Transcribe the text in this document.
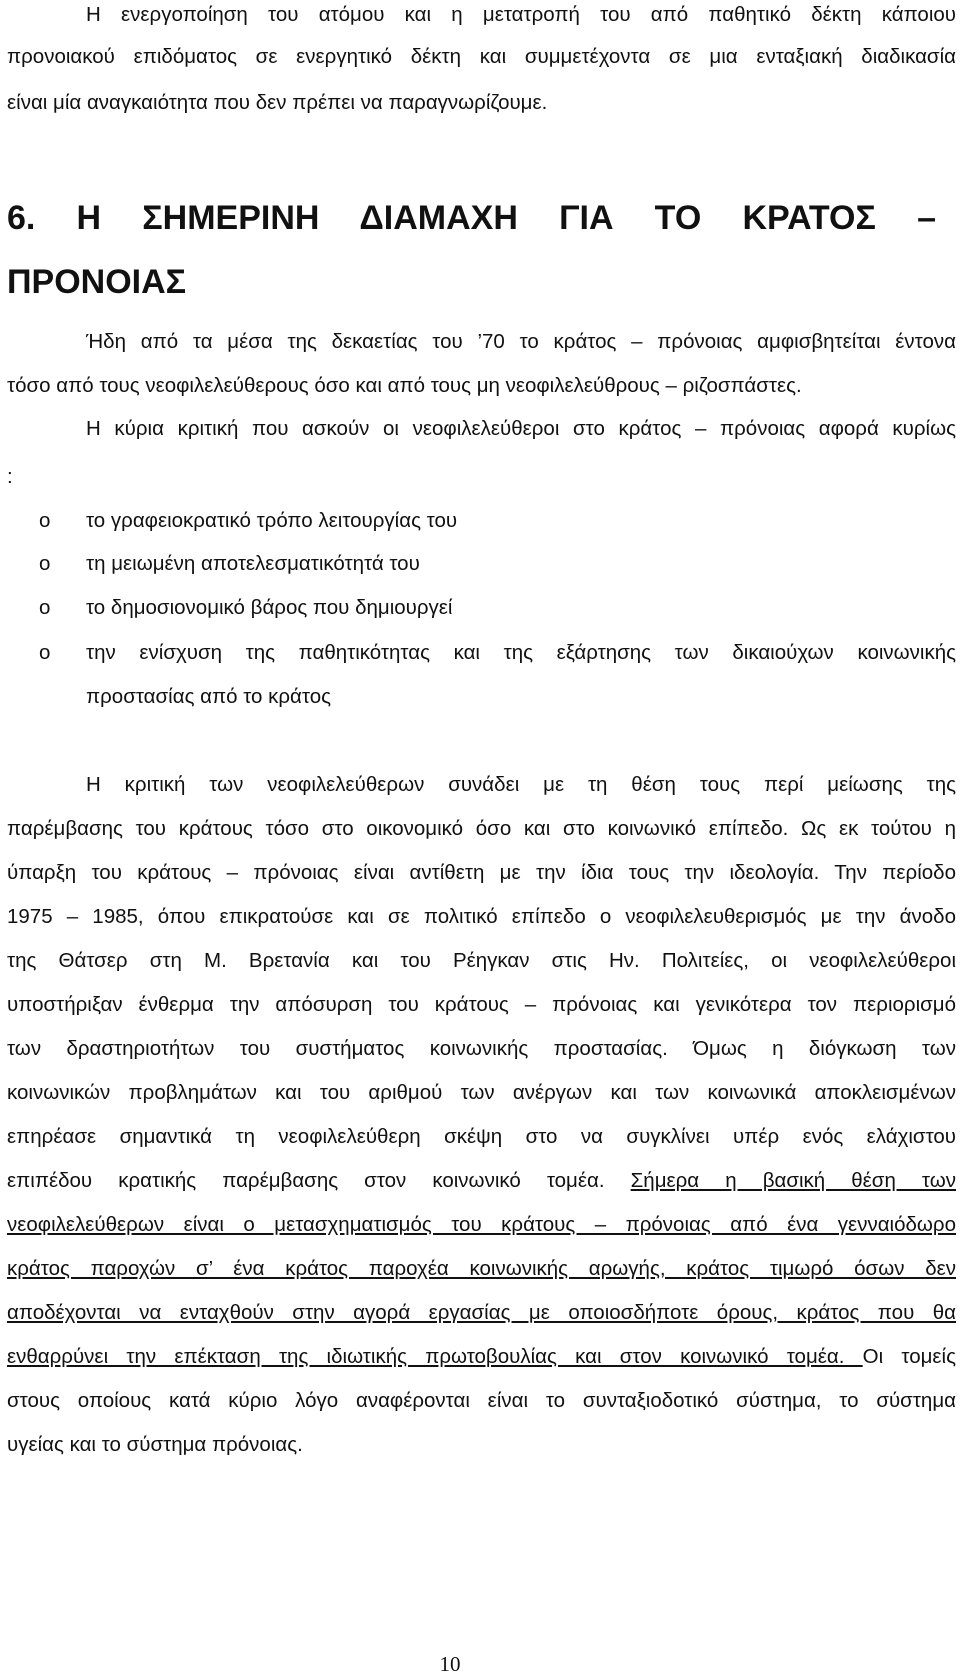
Η ενεργοποίηση του ατόμου και η μετατροπή του από παθητικό δέκτη κάποιου

προνοιακού επιδόματος σε ενεργητικό δέκτη και συμμετέχοντα σε μια ενταξιακή διαδικασία

είναι μία αναγκαιότητα που δεν πρέπει να παραγνωρίζουμε.

6. Η ΣΗΜΕΡΙΝΗ ΔΙΑΜΑΧΗ ΓΙΑ ΤΟ ΚΡΑΤΟΣ –
ΠΡΟΝΟΙΑΣ

Ήδη από τα μέσα της δεκαετίας του ’70 το κράτος – πρόνοιας αμφισβητείται έντονα

τόσο από τους νεοφιλελεύθερους όσο και από τους μη νεοφιλελεύθρους – ριζοσπάστες.

Η κύρια κριτική που ασκούν οι νεοφιλελεύθεροι στο κράτος – πρόνοιας αφορά κυρίως

:
o το γραφειοκρατικό τρόπο λειτουργίας του

o τη μειωμένη αποτελεσματικότητά του

o το δημοσιονομικό βάρος που δημιουργεί

o την ενίσχυση της παθητικότητας και της εξάρτησης των δικαιούχων κοινωνικής

προστασίας από το κράτος

Η κριτική των νεοφιλελεύθερων συνάδει με τη θέση τους περί μείωσης της

παρέμβασης του κράτους τόσο στο οικονομικό όσο και στο κοινωνικό επίπεδο. Ως εκ τούτου η

ύπαρξη του κράτους – πρόνοιας είναι αντίθετη με την ίδια τους την ιδεολογία. Την περίοδο

1975 – 1985, όπου επικρατούσε και σε πολιτικό επίπεδο ο νεοφιλελευθερισμός με την άνοδο

της Θάτσερ στη Μ. Βρετανία και του Ρέηγκαν στις Ην. Πολιτείες, οι νεοφιλελεύθεροι

υποστήριξαν ένθερμα την απόσυρση του κράτους – πρόνοιας και γενικότερα τον περιορισμό

των δραστηριοτήτων του συστήματος κοινωνικής προστασίας. Όμως η διόγκωση των

κοινωνικών προβλημάτων και του αριθμού των ανέργων και των κοινωνικά αποκλεισμένων

επηρέασε σημαντικά τη νεοφιλελεύθερη σκέψη στο να συγκλίνει υπέρ ενός ελάχιστου

επιπέδου κρατικής παρέμβασης στον κοινωνικό τομέα. Σήμερα η βασική θέση των

νεοφιλελεύθερων είναι ο μετασχηματισμός του κράτους – πρόνοιας από ένα γενναιόδωρο

κράτος παροχών σ’ ένα κράτος παροχέα κοινωνικής αρωγής, κράτος τιμωρό όσων δεν

αποδέχονται να ενταχθούν στην αγορά εργασίας με οποιοσδήποτε όρους, κράτος που θα

ενθαρρύνει την επέκταση της ιδιωτικής πρωτοβουλίας και στον κοινωνικό τομέα. Οι τομείς

στους οποίους κατά κύριο λόγο αναφέρονται είναι το συνταξιοδοτικό σύστημα, το σύστημα

υγείας και το σύστημα πρόνοιας.

10
